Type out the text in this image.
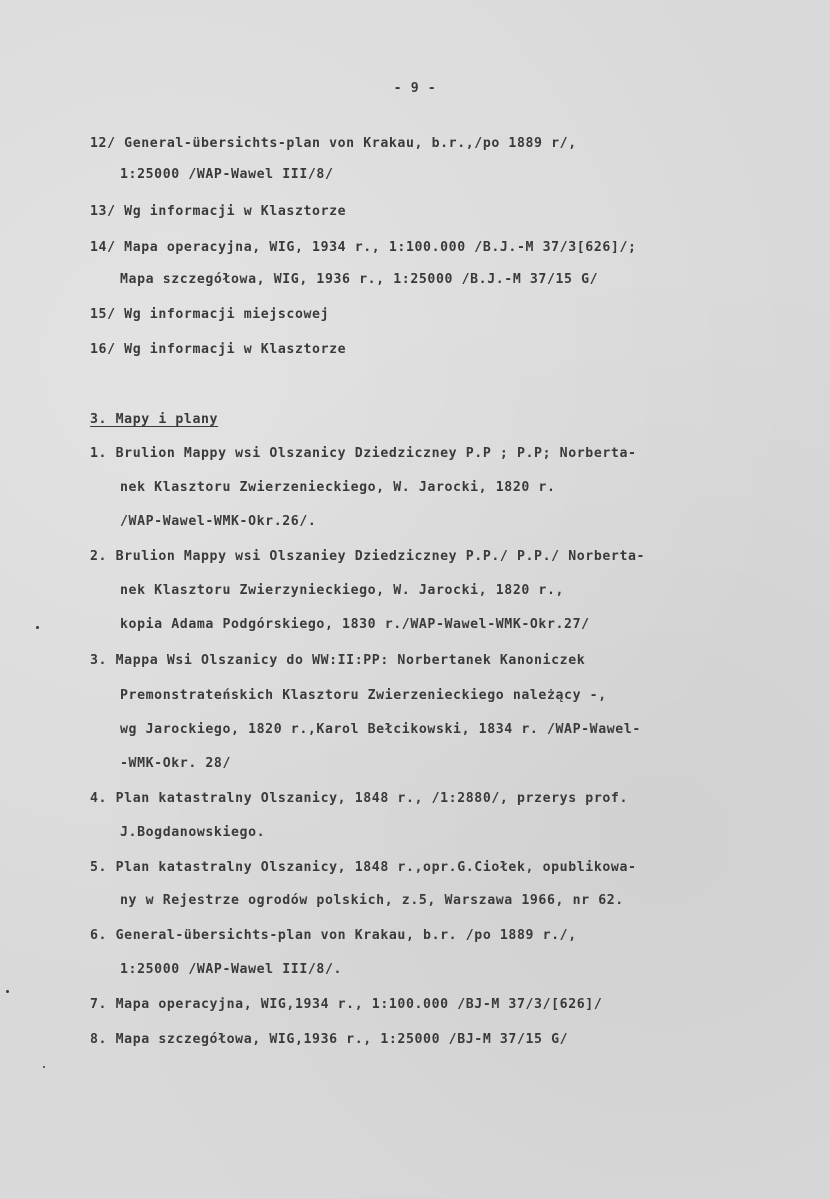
- 9 -
12/ General-übersichts-plan von Krakau, b.r.,/po 1889 r/,
1:25000 /WAP-Wawel III/8/
13/ Wg informacji w Klasztorze
14/ Mapa operacyjna, WIG, 1934 r., 1:100.000 /B.J.-M 37/3[626]/;
Mapa szczegółowa, WIG, 1936 r., 1:25000 /B.J.-M 37/15 G/
15/ Wg informacji miejscowej
16/ Wg informacji w Klasztorze
3. Mapy i plany
1. Brulion Mappy wsi Olszanicy Dziedziczney P.P ; P.P; Norberta-
nek Klasztoru Zwierzenieckiego, W. Jarocki, 1820 r.
/WAP-Wawel-WMK-Okr.26/.
2. Brulion Mappy wsi Olszaniey Dziedziczney P.P./ P.P./ Norberta-
nek Klasztoru Zwierzynieckiego, W. Jarocki, 1820 r.,
kopia Adama Podgórskiego, 1830 r./WAP-Wawel-WMK-Okr.27/
3. Mappa Wsi Olszanicy do WW:II:PP: Norbertanek Kanoniczek
Premonstrateńskich Klasztoru Zwierzenieckiego należący -,
wg Jarockiego, 1820 r.,Karol Bełcikowski, 1834 r. /WAP-Wawel-
-WMK-Okr. 28/
4. Plan katastralny Olszanicy, 1848 r., /1:2880/, przerys prof.
J.Bogdanowskiego.
5. Plan katastralny Olszanicy, 1848 r.,opr.G.Ciołek, opublikowa-
ny w Rejestrze ogrodów polskich, z.5, Warszawa 1966, nr 62.
6. General-übersichts-plan von Krakau, b.r. /po 1889 r./,
1:25000 /WAP-Wawel III/8/.
7. Mapa operacyjna, WIG,1934 r., 1:100.000 /BJ-M 37/3/[626]/
8. Mapa szczegółowa, WIG,1936 r., 1:25000 /BJ-M 37/15 G/
